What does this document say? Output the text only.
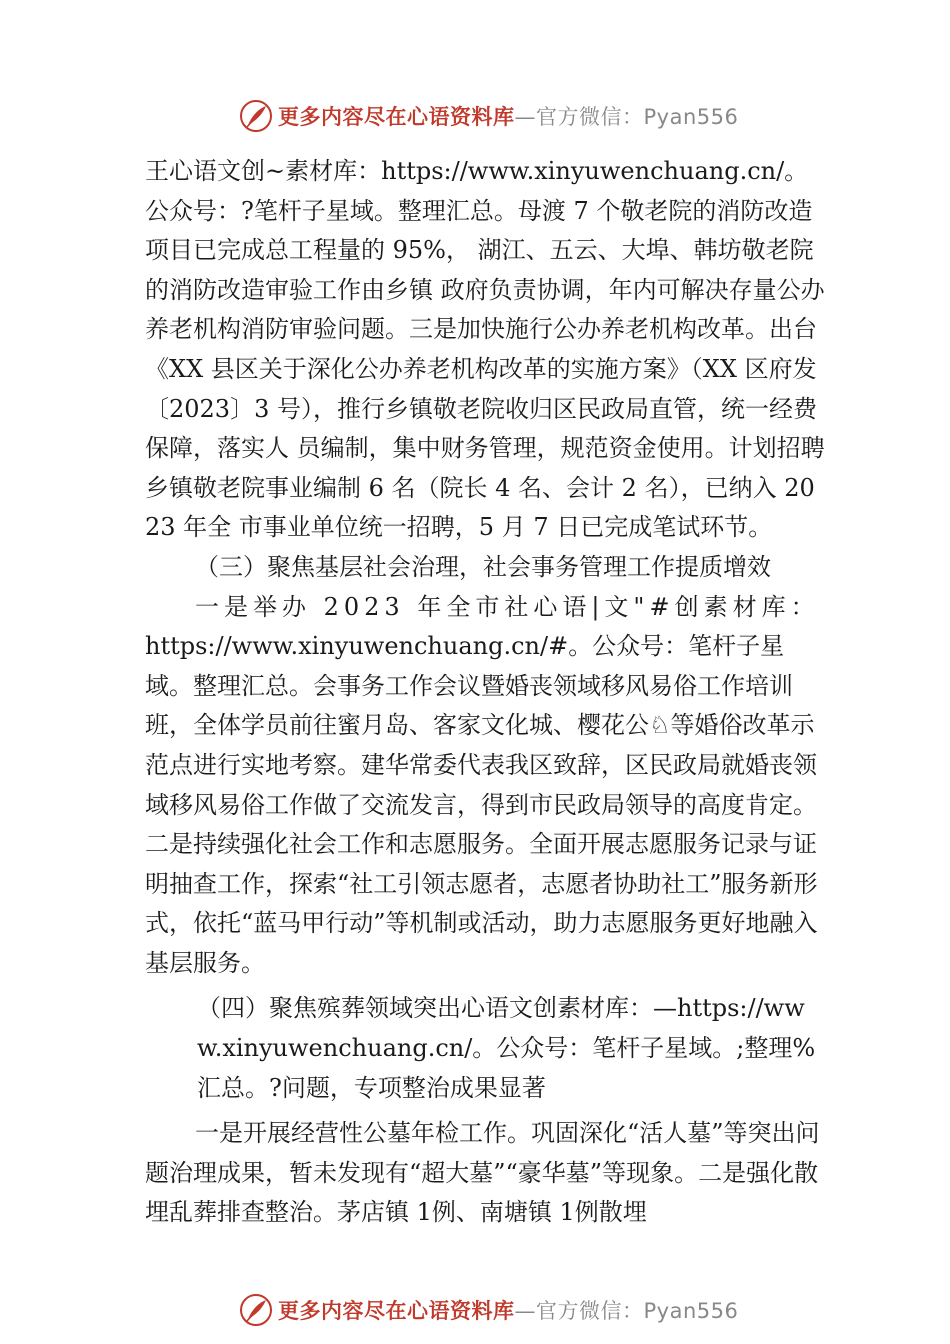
更多内容尽在心语资料库—官方微信：Pyan556

王心语文创~素材库：https://www.xinyuwenchuang.cn/。公众号：?笔杆子星域。整理汇总。母渡 7 个敬老院的消防改造项目已完成总工程量的 95%， 湖江、五云、大埠、韩坊敬老院的消防改造审验工作由乡镇 政府负责协调，年内可解决存量公办养老机构消防审验问题。三是加快施行公办养老机构改革。出台《XX 县区关于深化公办养老机构改革的实施方案》（XX 区府发〔2023〕3 号），推行乡镇敬老院收归区民政局直管，统一经费保障，落实人 员编制，集中财务管理，规范资金使用。计划招聘乡镇敬老院事业编制 6 名（院长 4 名、会计 2 名），已纳入 2023 年全 市事业单位统一招聘，5 月 7 日已完成笔试环节。

（三）聚焦基层社会治理，社会事务管理工作提质增效

一是举办 2023 年全市社心语|文"#创素材库：

https://www.xinyuwenchuang.cn/#。公众号：笔杆子星域。整理汇总。会事务工作会议暨婚丧领域移风易俗工作培训班，全体学员前往蜜月岛、客家文化城、樱花公♘等婚俗改革示范点进行实地考察。建华常委代表我区致辞，区民政局就婚丧领域移风易俗工作做了交流发言，得到市民政局领导的高度肯定。二是持续强化社会工作和志愿服务。全面开展志愿服务记录与证明抽查工作，探索“社工引领志愿者，志愿者协助社工”服务新形式，依托“蓝马甲行动”等机制或活动，助力志愿服务更好地融入基层服务。

（四）聚焦殡葬领域突出心语文创素材库：—https://www.xinyuwenchuang.cn/。公众号：笔杆子星域。;整理%汇总。?问题，专项整治成果显著

一是开展经营性公墓年检工作。巩固深化“活人墓”等突出问题治理成果，暂未发现有“超大墓”“豪华墓”等现象。二是强化散埋乱葬排查整治。茅店镇 1例、南塘镇 1例散埋

更多内容尽在心语资料库—官方微信：Pyan556
